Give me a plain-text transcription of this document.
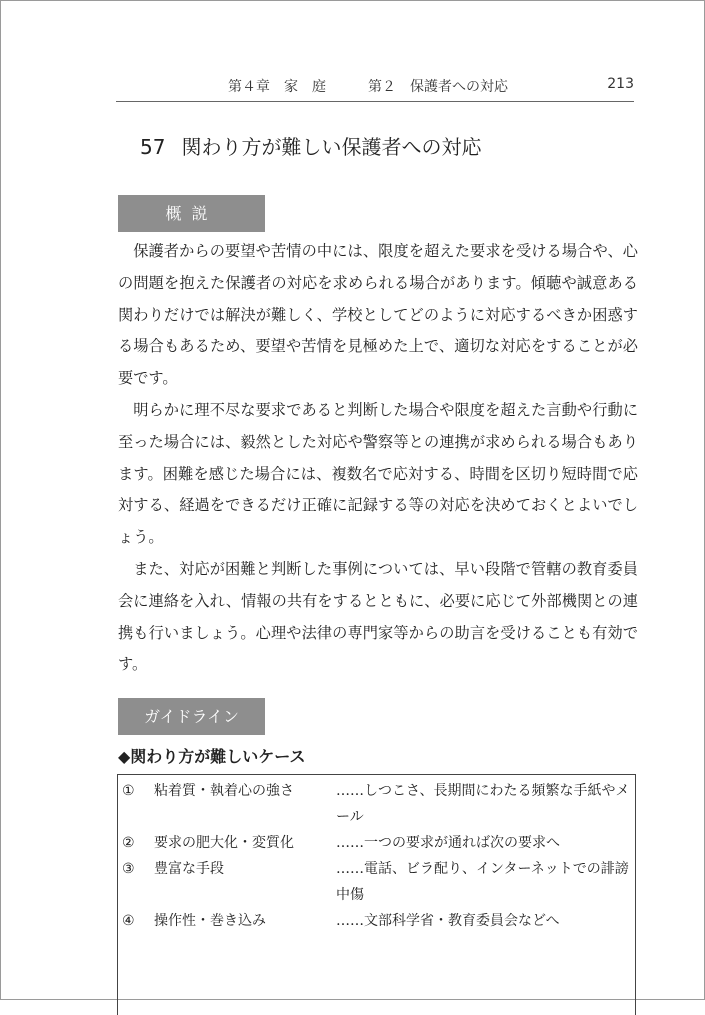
第４章　家　庭	第２　保護者への対応	213
57 関わり方が難しい保護者への対応
概説

保護者からの要望や苦情の中には、限度を超えた要求を受ける場合や、心の問題を抱えた保護者の対応を求められる場合があります。傾聴や誠意ある関わりだけでは解決が難しく、学校としてどのように対応するべきか困惑する場合もあるため、要望や苦情を見極めた上で、適切な対応をすることが必要です。

明らかに理不尽な要求であると判断した場合や限度を超えた言動や行動に至った場合には、毅然とした対応や警察等との連携が求められる場合もあります。困難を感じた場合には、複数名で応対する、時間を区切り短時間で応対する、経過をできるだけ正確に記録する等の対応を決めておくとよいでしょう。

また、対応が困難と判断した事例については、早い段階で管轄の教育委員会に連絡を入れ、情報の共有をするとともに、必要に応じて外部機関との連携も行いましょう。心理や法律の専門家等からの助言を受けることも有効です。

ガイドライン
◆関わり方が難しいケース
①	粘着質・執着心の強さ	……しつこさ、長期間にわたる頻繁な手紙やメール
②	要求の肥大化・変質化	……一つの要求が通れば次の要求へ
③	豊富な手段	……電話、ビラ配り、インターネットでの誹謗中傷
④	操作性・巻き込み	……文部科学省・教育委員会などへ
